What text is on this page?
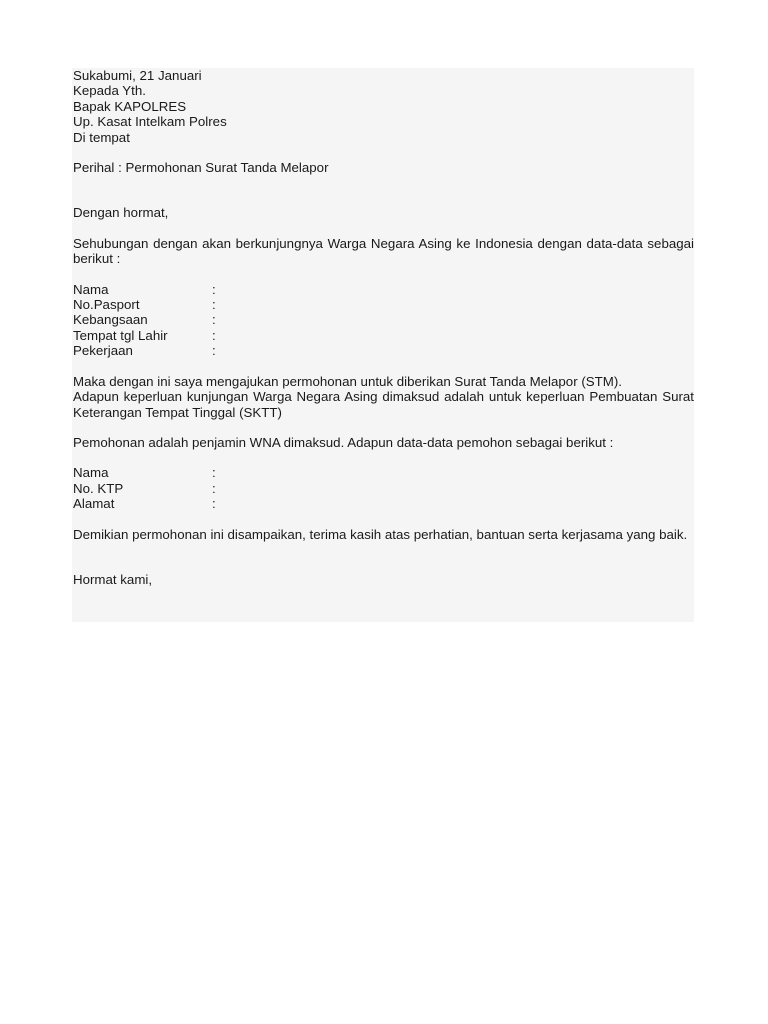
Sukabumi, 21 Januari
Kepada Yth.
Bapak KAPOLRES
Up. Kasat Intelkam Polres
Di tempat
Perihal : Permohonan Surat Tanda Melapor
Dengan hormat,
Sehubungan dengan akan berkunjungnya Warga Negara Asing ke Indonesia dengan data-data sebagai berikut :
Nama	:
No.Pasport	:
Kebangsaan	:
Tempat tgl Lahir	:
Pekerjaan	:
Maka dengan ini saya mengajukan permohonan untuk diberikan Surat Tanda Melapor (STM).
Adapun keperluan kunjungan Warga Negara Asing dimaksud adalah untuk keperluan Pembuatan Surat Keterangan Tempat Tinggal (SKTT)
Pemohonan adalah penjamin WNA dimaksud. Adapun data-data pemohon sebagai berikut :
Nama	:
No. KTP	:
Alamat	:
Demikian permohonan ini disampaikan, terima kasih atas perhatian, bantuan serta kerjasama yang baik.
Hormat kami,
